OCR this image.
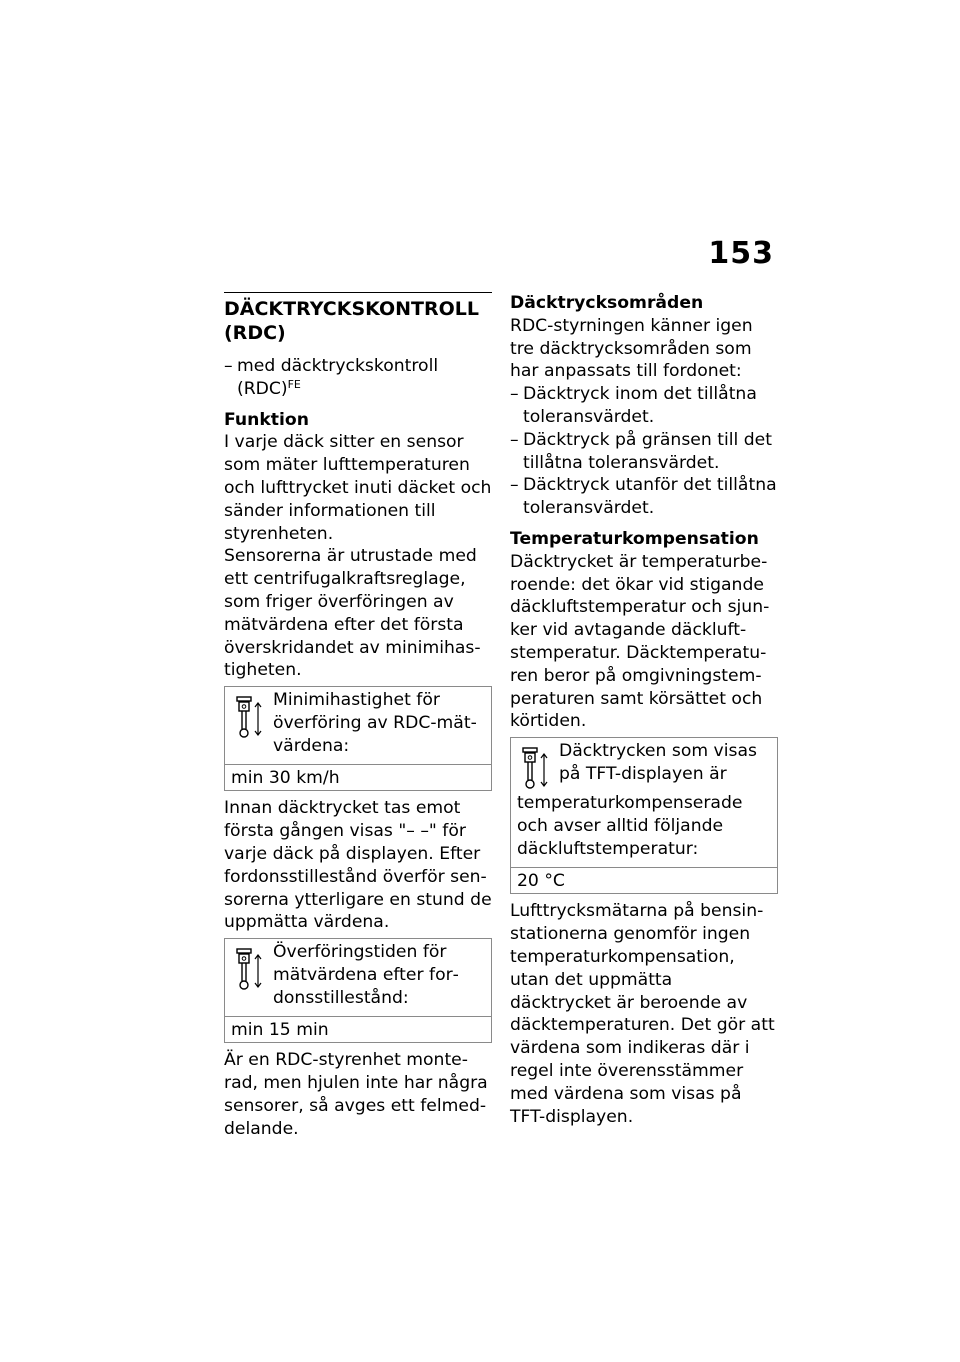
153
DÄCKTRYCKSKONTROLL
(RDC)
– med däcktryckskontroll
(RDC)$^{FE}$
Funktion

I varje däck sitter en sensor som mäter lufttemperaturen och lufttrycket inuti däcket och sänder informationen till styrenheten.

Sensorerna är utrustade med ett centrifugalkraftsreglage, som friger överföringen av mätvärdena efter det första överskridandet av minimihastigheten.

Minimihastighet för överföring av RDC-mätvärdena:
min 30 km/h

Innan däcktrycket tas emot första gången visas "– –" för varje däck på displayen. Efter fordonsstillestånd överför sensorerna ytterligare en stund de uppmätta värdena.

Överföringstiden för mätvärdena efter fordonsstillestånd:
min 15 min

Är en RDC-styrenhet monterad, men hjulen inte har några sensorer, så avges ett felmeddelande.

Däcktrycksområden

RDC-styrningen känner igen tre däcktrycksområden som har anpassats till fordonet:

– Däcktryck inom det tillåtna toleransvärdet.
– Däcktryck på gränsen till det tillåtna toleransvärdet.
– Däcktryck utanför det tillåtna toleransvärdet.
Temperaturkompensation

Däcktrycket är temperaturberoende: det ökar vid stigande däckluftstemperatur och sjunker vid avtagande däckluftstemperatur. Däcktemperaturen beror på omgivningstemperaturen samt körsättet och körtiden.

Däcktrycken som visas på TFT-displayen är temperaturkompenserade och avser alltid följande däckluftstemperatur:
20 °C

Lufttrycksmätarna på bensinstationerna genomför ingen temperaturkompensation, utan det uppmätta däcktrycket är beroende av däcktemperaturen. Det gör att värdena som indikeras där i regel inte överensstämmer med värdena som visas på TFT-displayen.
